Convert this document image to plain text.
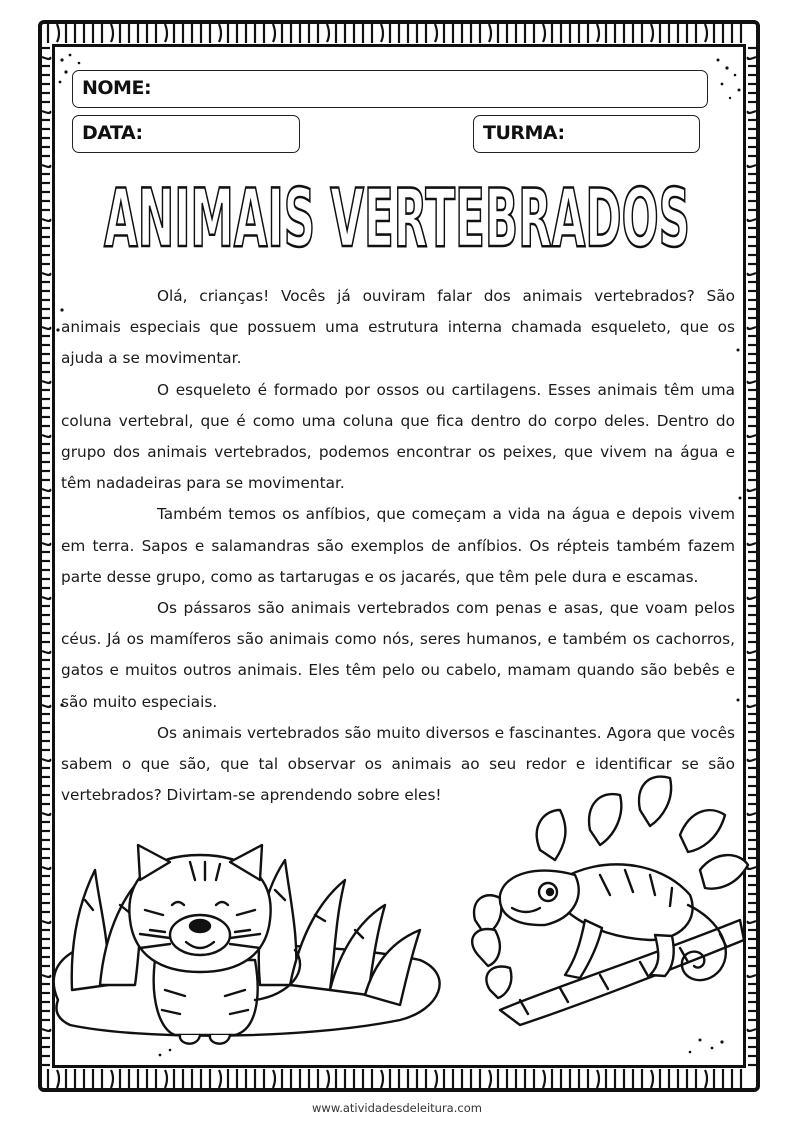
NOME:
DATA:	TURMA:
ANIMAIS VERTEBRADOS

Olá, crianças! Vocês já ouviram falar dos animais vertebrados? São animais especiais que possuem uma estrutura interna chamada esqueleto, que os ajuda a se movimentar.

O esqueleto é formado por ossos ou cartilagens. Esses animais têm uma coluna vertebral, que é como uma coluna que fica dentro do corpo deles. Dentro do grupo dos animais vertebrados, podemos encontrar os peixes, que vivem na água e têm nadadeiras para se movimentar.

Também temos os anfíbios, que começam a vida na água e depois vivem em terra. Sapos e salamandras são exemplos de anfíbios. Os répteis também fazem parte desse grupo, como as tartarugas e os jacarés, que têm pele dura e escamas.

Os pássaros são animais vertebrados com penas e asas, que voam pelos céus. Já os mamíferos são animais como nós, seres humanos, e também os cachorros, gatos e muitos outros animais. Eles têm pelo ou cabelo, mamam quando são bebês e são muito especiais.

Os animais vertebrados são muito diversos e fascinantes. Agora que vocês sabem o que são, que tal observar os animais ao seu redor e identificar se são vertebrados? Divirtam-se aprendendo sobre eles!

www.atividadesdeleitura.com
